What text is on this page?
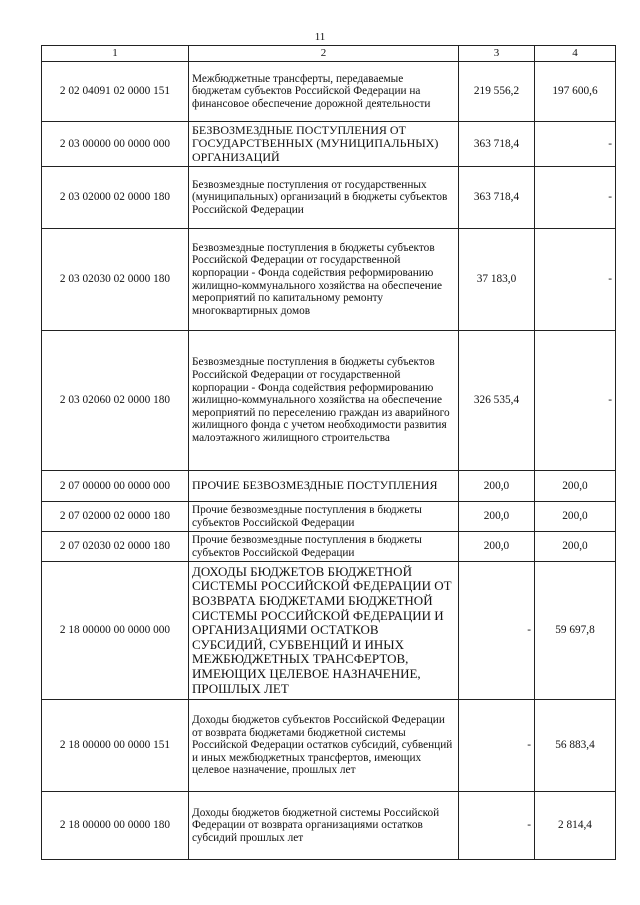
11
1	2	3	4
2 02 04091 02 0000 151	Межбюджетные трансферты, передаваемые бюджетам субъектов Российской Федерации на финансовое обеспечение дорожной деятельности	219 556,2	197 600,6
2 03 00000 00 0000 000	БЕЗВОЗМЕЗДНЫЕ ПОСТУПЛЕНИЯ ОТ ГОСУДАРСТВЕННЫХ (МУНИЦИПАЛЬНЫХ) ОРГАНИЗАЦИЙ	363 718,4	-
2 03 02000 02 0000 180	Безвозмездные поступления от государственных (муниципальных) организаций в бюджеты субъектов Российской Федерации	363 718,4	-
2 03 02030 02 0000 180	Безвозмездные поступления в бюджеты субъектов Российской Федерации от государственной корпорации - Фонда содействия реформированию жилищно-коммунального хозяйства на обеспечение мероприятий по капитальному ремонту многоквартирных домов	37 183,0	-
2 03 02060 02 0000 180	Безвозмездные поступления в бюджеты субъектов Российской Федерации от государственной корпорации - Фонда содействия реформированию жилищно-коммунального хозяйства на обеспечение мероприятий по переселению граждан из аварийного жилищного фонда с учетом необходимости развития малоэтажного жилищного строительства	326 535,4	-
2 07 00000 00 0000 000	ПРОЧИЕ БЕЗВОЗМЕЗДНЫЕ ПОСТУПЛЕНИЯ	200,0	200,0
2 07 02000 02 0000 180	Прочие безвозмездные поступления в бюджеты субъектов Российской Федерации	200,0	200,0
2 07 02030 02 0000 180	Прочие безвозмездные поступления в бюджеты субъектов Российской Федерации	200,0	200,0
2 18 00000 00 0000 000	ДОХОДЫ БЮДЖЕТОВ БЮДЖЕТНОЙ СИСТЕМЫ РОССИЙСКОЙ ФЕДЕРАЦИИ ОТ ВОЗВРАТА БЮДЖЕТАМИ БЮДЖЕТНОЙ СИСТЕМЫ РОССИЙСКОЙ ФЕДЕРАЦИИ И ОРГАНИЗАЦИЯМИ ОСТАТКОВ СУБСИДИЙ, СУБВЕНЦИЙ И ИНЫХ МЕЖБЮДЖЕТНЫХ ТРАНСФЕРТОВ, ИМЕЮЩИХ ЦЕЛЕВОЕ НАЗНАЧЕНИЕ, ПРОШЛЫХ ЛЕТ	-	59 697,8
2 18 00000 00 0000 151	Доходы бюджетов субъектов Российской Федерации от возврата бюджетами бюджетной системы Российской Федерации остатков субсидий, субвенций и иных межбюджетных трансфертов, имеющих целевое назначение, прошлых лет	-	56 883,4
2 18 00000 00 0000 180	Доходы бюджетов бюджетной системы Российской Федерации от возврата организациями остатков субсидий прошлых лет	-	2 814,4
